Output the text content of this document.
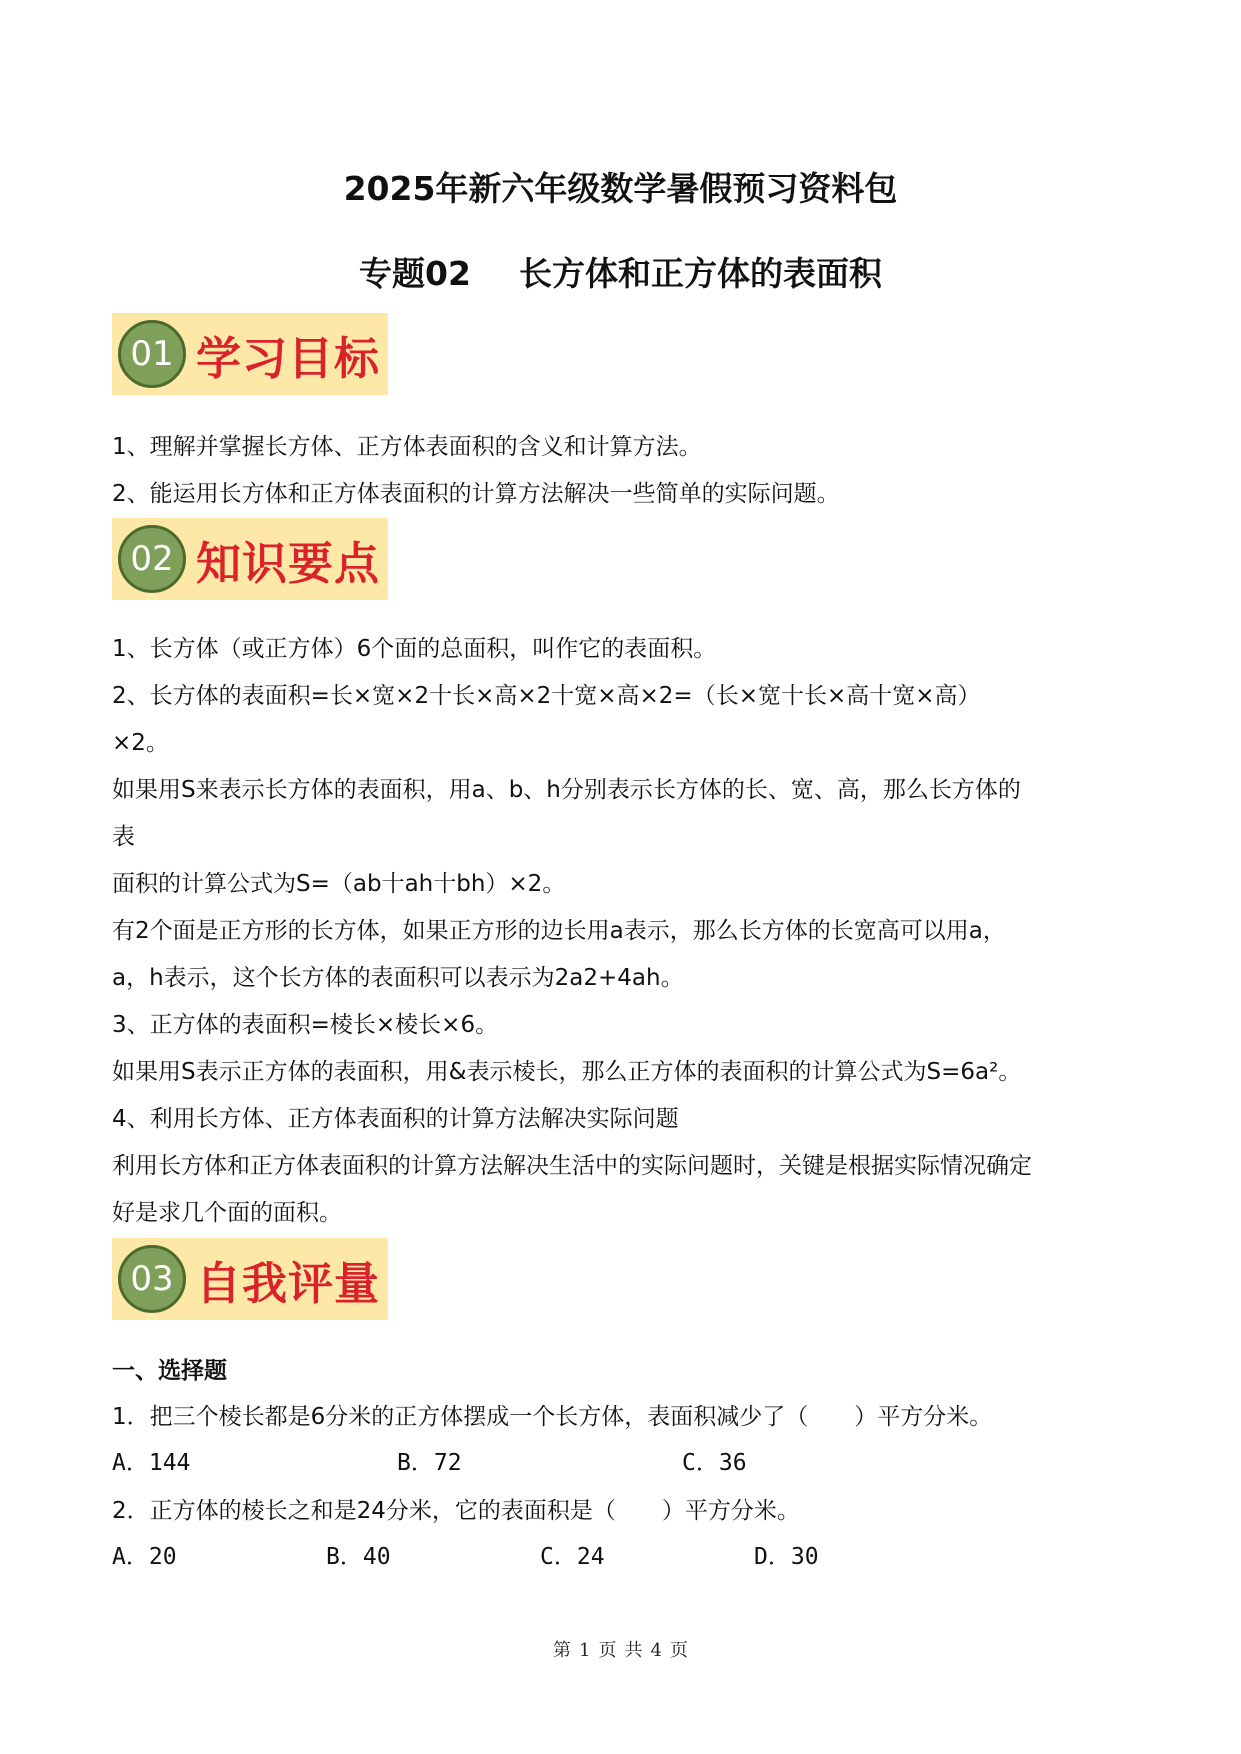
2025年新六年级数学暑假预习资料包
专题02 长方体和正方体的表面积
01 学习目标
1、理解并掌握长方体、正方体表面积的含义和计算方法。
2、能运用长方体和正方体表面积的计算方法解决一些简单的实际问题。
02 知识要点
1、长方体（或正方体）6个面的总面积，叫作它的表面积。
2、长方体的表面积=长×宽×2十长×高×2十宽×高×2=（长×宽十长×高十宽×高）
×2。
如果用S来表示长方体的表面积，用a、b、h分别表示长方体的长、宽、高，那么长方体的
表
面积的计算公式为S=（ab十ah十bh）×2。
有2个面是正方形的长方体，如果正方形的边长用a表示，那么长方体的长宽高可以用a，
a，h表示，这个长方体的表面积可以表示为2a2+4ah。
3、正方体的表面积=棱长×棱长×6。
如果用S表示正方体的表面积，用&表示棱长，那么正方体的表面积的计算公式为S=6a²。
4、利用长方体、正方体表面积的计算方法解决实际问题
利用长方体和正方体表面积的计算方法解决生活中的实际问题时，关键是根据实际情况确定
好是求几个面的面积。
03 自我评量
一、选择题
1．把三个棱长都是6分米的正方体摆成一个长方体，表面积减少了（　　）平方分米。
A．144	B．72	C．36
2．正方体的棱长之和是24分米，它的表面积是（　　）平方分米。
A．20	B．40	C．24	D．30
第 1 页 共 4 页
